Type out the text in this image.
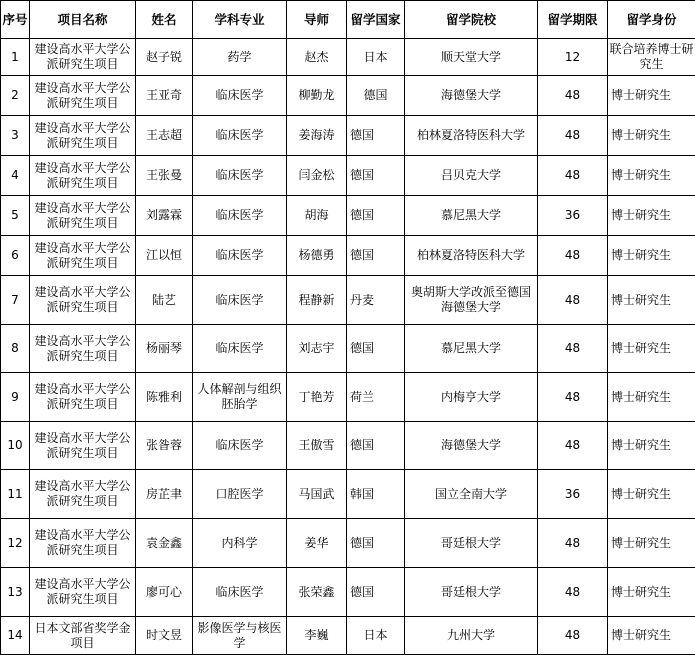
序号	项目名称	姓名	学科专业	导师	留学国家	留学院校	留学期限	留学身份
1	建设高水平大学公派研究生项目	赵子锐	药学	赵杰	日本	顺天堂大学	12	联合培养博士研究生
2	建设高水平大学公派研究生项目	王亚奇	临床医学	柳勤龙	德国	海德堡大学	48	博士研究生
3	建设高水平大学公派研究生项目	王志超	临床医学	姜海涛	德国	柏林夏洛特医科大学	48	博士研究生
4	建设高水平大学公派研究生项目	王张曼	临床医学	闫金松	德国	吕贝克大学	48	博士研究生
5	建设高水平大学公派研究生项目	刘露霖	临床医学	胡海	德国	慕尼黑大学	36	博士研究生
6	建设高水平大学公派研究生项目	江以恒	临床医学	杨德勇	德国	柏林夏洛特医科大学	48	博士研究生
7	建设高水平大学公派研究生项目	陆艺	临床医学	程静新	丹麦	奥胡斯大学改派至德国海德堡大学	48	博士研究生
8	建设高水平大学公派研究生项目	杨丽琴	临床医学	刘志宇	德国	慕尼黑大学	48	博士研究生
9	建设高水平大学公派研究生项目	陈雅利	人体解剖与组织胚胎学	丁艳芳	荷兰	内梅亨大学	48	博士研究生
10	建设高水平大学公派研究生项目	张昝蓉	临床医学	王傲雪	德国	海德堡大学	48	博士研究生
11	建设高水平大学公派研究生项目	房芷聿	口腔医学	马国武	韩国	国立全南大学	36	博士研究生
12	建设高水平大学公派研究生项目	袁金鑫	内科学	姜华	德国	哥廷根大学	48	博士研究生
13	建设高水平大学公派研究生项目	廖可心	临床医学	张荣鑫	德国	哥廷根大学	48	博士研究生
14	日本文部省奖学金项目	时文昱	影像医学与核医学	李巍	日本	九州大学	48	博士研究生
